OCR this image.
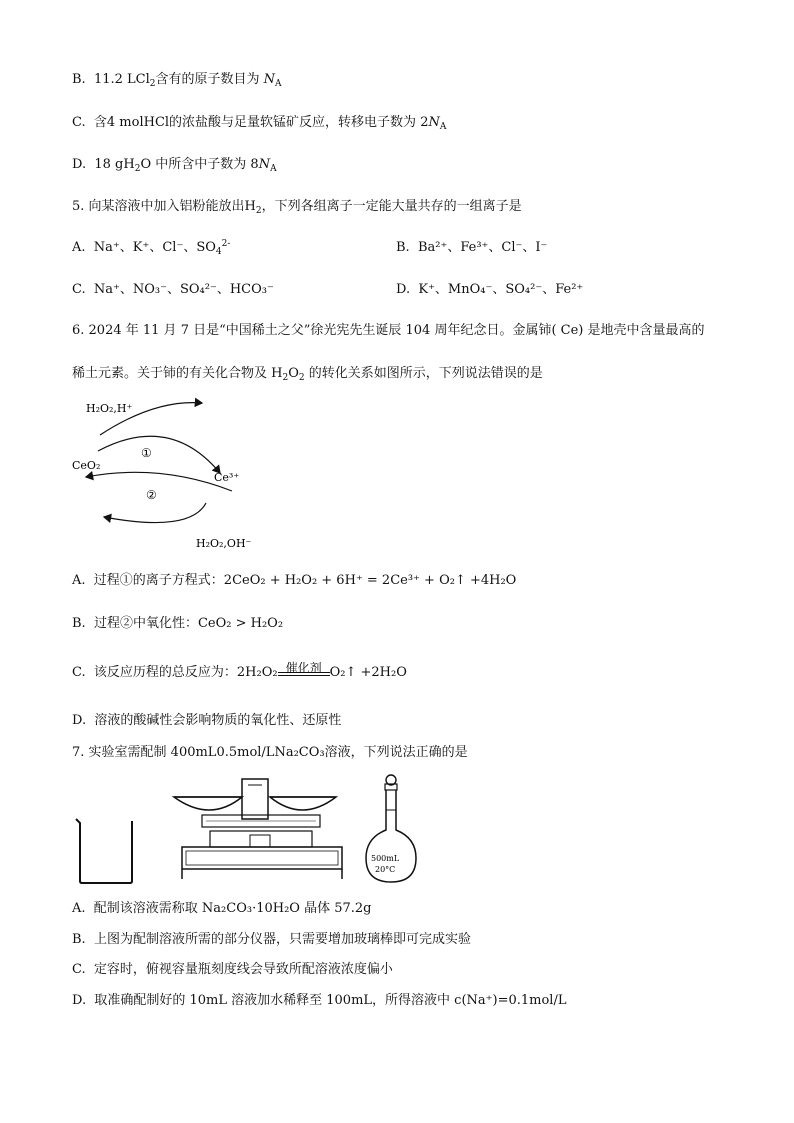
B. 11.2 LCl$_2$含有的原子数目为 $N_A$
C. 含4 molHCl的浓盐酸与足量软锰矿反应，转移电子数为 $2N_A$
D. 18 $gH_2O$ 中所含中子数为 $8N_A$
5. 向某溶液中加入铝粉能放出$H_2$，下列各组离子一定能大量共存的一组离子是
A. Na⁺、K⁺、Cl⁻、$SO_4^{2-}$	B. Ba²⁺、Fe³⁺、Cl⁻、I⁻
C. Na⁺、NO₃⁻、SO₄²⁻、HCO₃⁻	D. K⁺、MnO₄⁻、SO₄²⁻、Fe²⁺
6. 2024 年 11 月 7 日是“中国稀土之父”徐光宪先生诞辰 104 周年纪念日。金属铈( Ce) 是地壳中含量最高的
稀土元素。关于铈的有关化合物及 $H_2O_2$ 的转化关系如图所示，下列说法错误的是
H₂O₂,H⁺
①
CeO₂
Ce³⁺
②
H₂O₂,OH⁻
A. 过程①的离子方程式：2CeO₂ + H₂O₂ + 6H⁺ = 2Ce³⁺ + O₂↑ +4H₂O
B. 过程②中氧化性：CeO₂ > H₂O₂
C. 该反应历程的总反应为：2H₂O₂ 催化剂 O₂↑ +2H₂O
D. 溶液的酸碱性会影响物质的氧化性、还原性
7. 实验室需配制 400mL0.5mol/LNa₂CO₃溶液，下列说法正确的是
500mL
20°C
A. 配制该溶液需称取 Na₂CO₃·10H₂O 晶体 57.2g
B. 上图为配制溶液所需的部分仪器，只需要增加玻璃棒即可完成实验
C. 定容时，俯视容量瓶刻度线会导致所配溶液浓度偏小
D. 取准确配制好的 10mL 溶液加水稀释至 100mL，所得溶液中 c(Na⁺)=0.1mol/L
